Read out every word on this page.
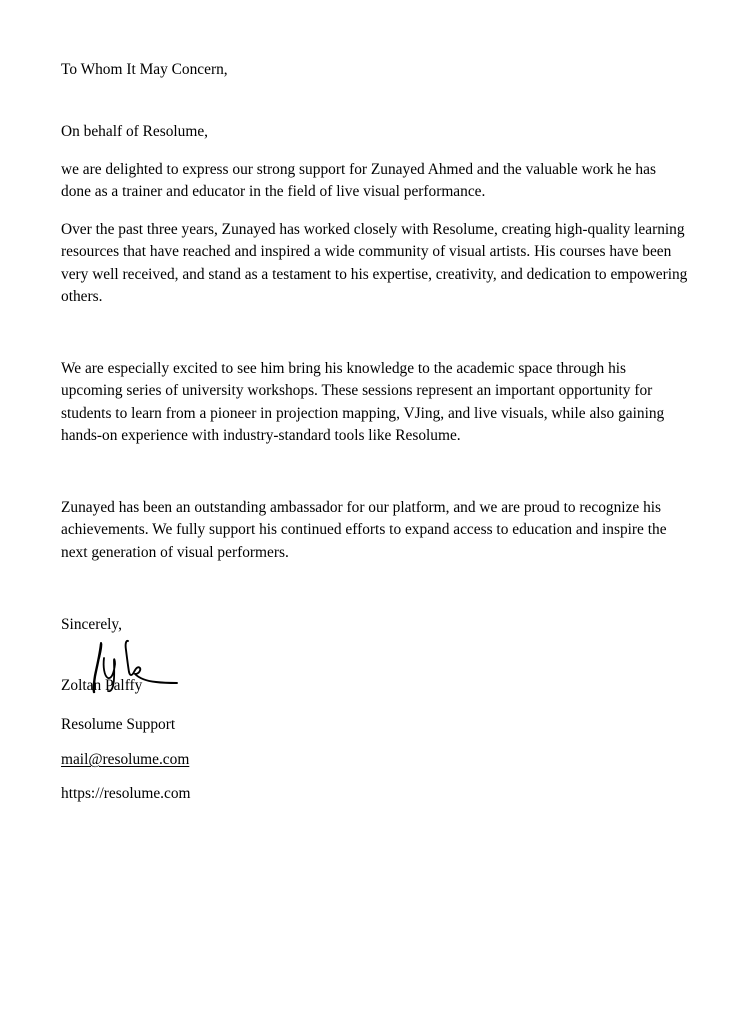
To Whom It May Concern,

On behalf of Resolume,

we are delighted to express our strong support for Zunayed Ahmed and the valuable work he has done as a trainer and educator in the field of live visual performance.

Over the past three years, Zunayed has worked closely with Resolume, creating high-quality learning resources that have reached and inspired a wide community of visual artists. His courses have been very well received, and stand as a testament to his expertise, creativity, and dedication to empowering others.

We are especially excited to see him bring his knowledge to the academic space through his upcoming series of university workshops. These sessions represent an important opportunity for students to learn from a pioneer in projection mapping, VJing, and live visuals, while also gaining hands-on experience with industry-standard tools like Resolume.

Zunayed has been an outstanding ambassador for our platform, and we are proud to recognize his achievements. We fully support his continued efforts to expand access to education and inspire the next generation of visual performers.

Sincerely,

Zoltan Palffy

Resolume Support

mail@resolume.com

https://resolume.com
